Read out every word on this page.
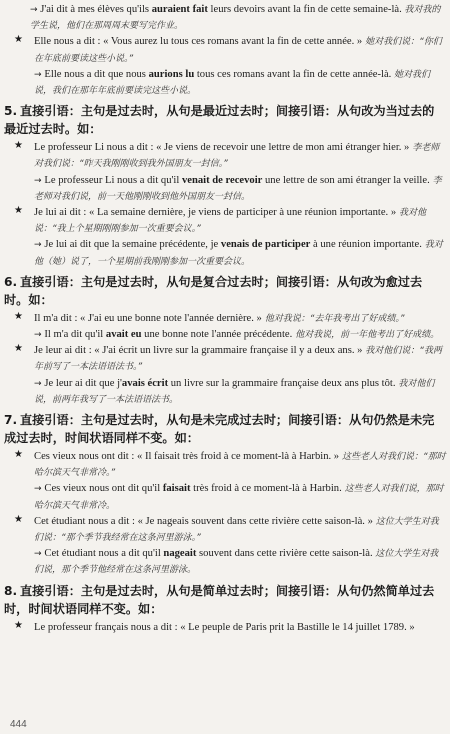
→ J'ai dit à mes élèves qu'ils auraient fait leurs devoirs avant la fin de cette semaine-là. 我对我的学生说，他们在那周周末要写完作业。
★ Elle nous a dit : « Vous aurez lu tous ces romans avant la fin de cette année. » 她对我们说：“你们在年底前要读这些小说。”

→ Elle nous a dit que nous aurions lu tous ces romans avant la fin de cette année-là. 她对我们说，我们在那年年底前要读完这些小说。

5. 直接引语：主句是过去时，从句是最近过去时；间接引语：从句改为当过去的最近过去时。如：
★ Le professeur Li nous a dit : « Je viens de recevoir une lettre de mon ami étranger hier. » 李老师对我们说：“昨天我刚刚收到我外国朋友一封信。”

→ Le professeur Li nous a dit qu'il venait de recevoir une lettre de son ami étranger la veille. 李老师对我们说，前一天他刚刚收到他外国朋友一封信。

★ Je lui ai dit : « La semaine dernière, je viens de participer à une réunion importante. » 我对他说：“我上个星期刚刚参加一次重要会议。”

→ Je lui ai dit que la semaine précédente, je venais de participer à une réunion importante. 我对他（她）说了，一个星期前我刚刚参加一次重要会议。

6. 直接引语：主句是过去时，从句是复合过去时；间接引语：从句改为愈过去时。如：
★ Il m'a dit : « J'ai eu une bonne note l'année dernière. » 他对我说：“去年我考出了好成绩。”

→ Il m'a dit qu'il avait eu une bonne note l'année précédente. 他对我说，前一年他考出了好成绩。

★ Je leur ai dit : « J'ai écrit un livre sur la grammaire française il y a deux ans. » 我对他们说：“我两年前写了一本法语语法书。”

→ Je leur ai dit que j'avais écrit un livre sur la grammaire française deux ans plus tôt. 我对他们说，前两年我写了一本法语语法书。

7. 直接引语：主句是过去时，从句是未完成过去时；间接引语：从句仍然是未完成过去时，时间状语同样不变。如：
★ Ces vieux nous ont dit : « Il faisait très froid à ce moment-là à Harbin. » 这些老人对我们说：“那时哈尔滨天气非常冷。”

→ Ces vieux nous ont dit qu'il faisait très froid à ce moment-là à Harbin. 这些老人对我们说，那时哈尔滨天气非常冷。

★ Cet étudiant nous a dit : « Je nageais souvent dans cette rivière cette saison-là. » 这位大学生对我们说：“那个季节我经常在这条河里游泳。”

→ Cet étudiant nous a dit qu'il nageait souvent dans cette rivière cette saison-là. 这位大学生对我们说，那个季节他经常在这条河里游泳。

8. 直接引语：主句是过去时，从句是简单过去时；间接引语：从句仍然简单过去时，时间状语同样不变。如：
★ Le professeur français nous a dit : « Le peuple de Paris prit la Bastille le 14 juillet 1789. »

444
